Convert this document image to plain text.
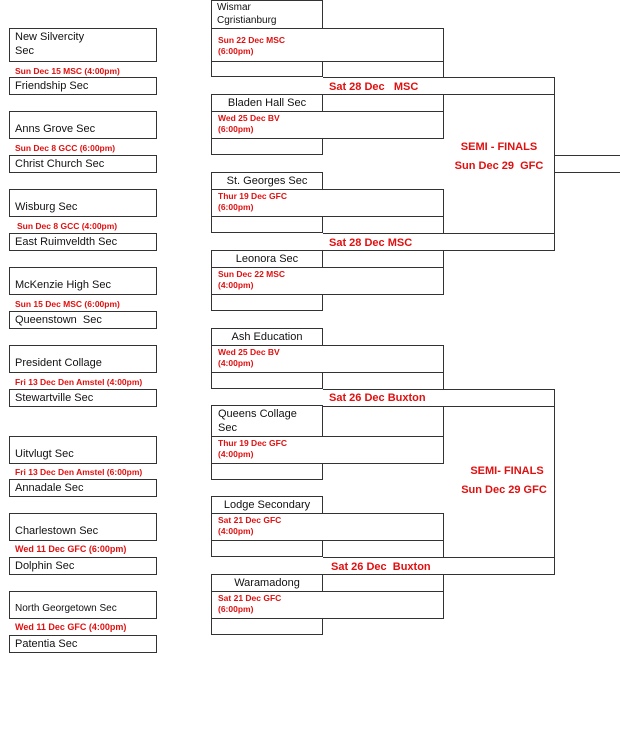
New Silvercity
Sec
Sun Dec 15 MSC (4:00pm)
Friendship Sec
Anns Grove Sec
Sun Dec 8 GCC (6:00pm)
Christ Church Sec
Wisburg Sec
Sun Dec 8 GCC (4:00pm)
East Ruimveldth Sec
McKenzie High Sec
Sun 15 Dec MSC (6:00pm)
Queenstown  Sec
President Collage
Fri 13 Dec Den Amstel (4:00pm)
Stewartville Sec
Uitvlugt Sec
Fri 13 Dec Den Amstel (6:00pm)
Annadale Sec
Charlestown Sec
Wed 11 Dec GFC (6:00pm)
Dolphin Sec
North Georgetown Sec
Wed 11 Dec GFC (4:00pm)
Patentia Sec
Wismar
Cgristianburg
Sun 22 Dec MSC
(6:00pm)
Bladen Hall Sec
Wed 25 Dec BV
(6:00pm)
St. Georges Sec
Thur 19 Dec GFC
(6:00pm)
Leonora Sec
Sun Dec 22 MSC
(4:00pm)
Ash Education
Wed 25 Dec BV
(4:00pm)
Queens Collage
Sec
Thur 19 Dec GFC
(4:00pm)
Lodge Secondary
Sat 21 Dec GFC
(4:00pm)
Waramadong
Sat 21 Dec GFC
(6:00pm)
Sat 28 Dec   MSC
Sat 28 Dec MSC
Sat 26 Dec Buxton
Sat 26 Dec  Buxton
SEMI - FINALS
Sun Dec 29  GFC
SEMI- FINALS
Sun Dec 29 GFC
